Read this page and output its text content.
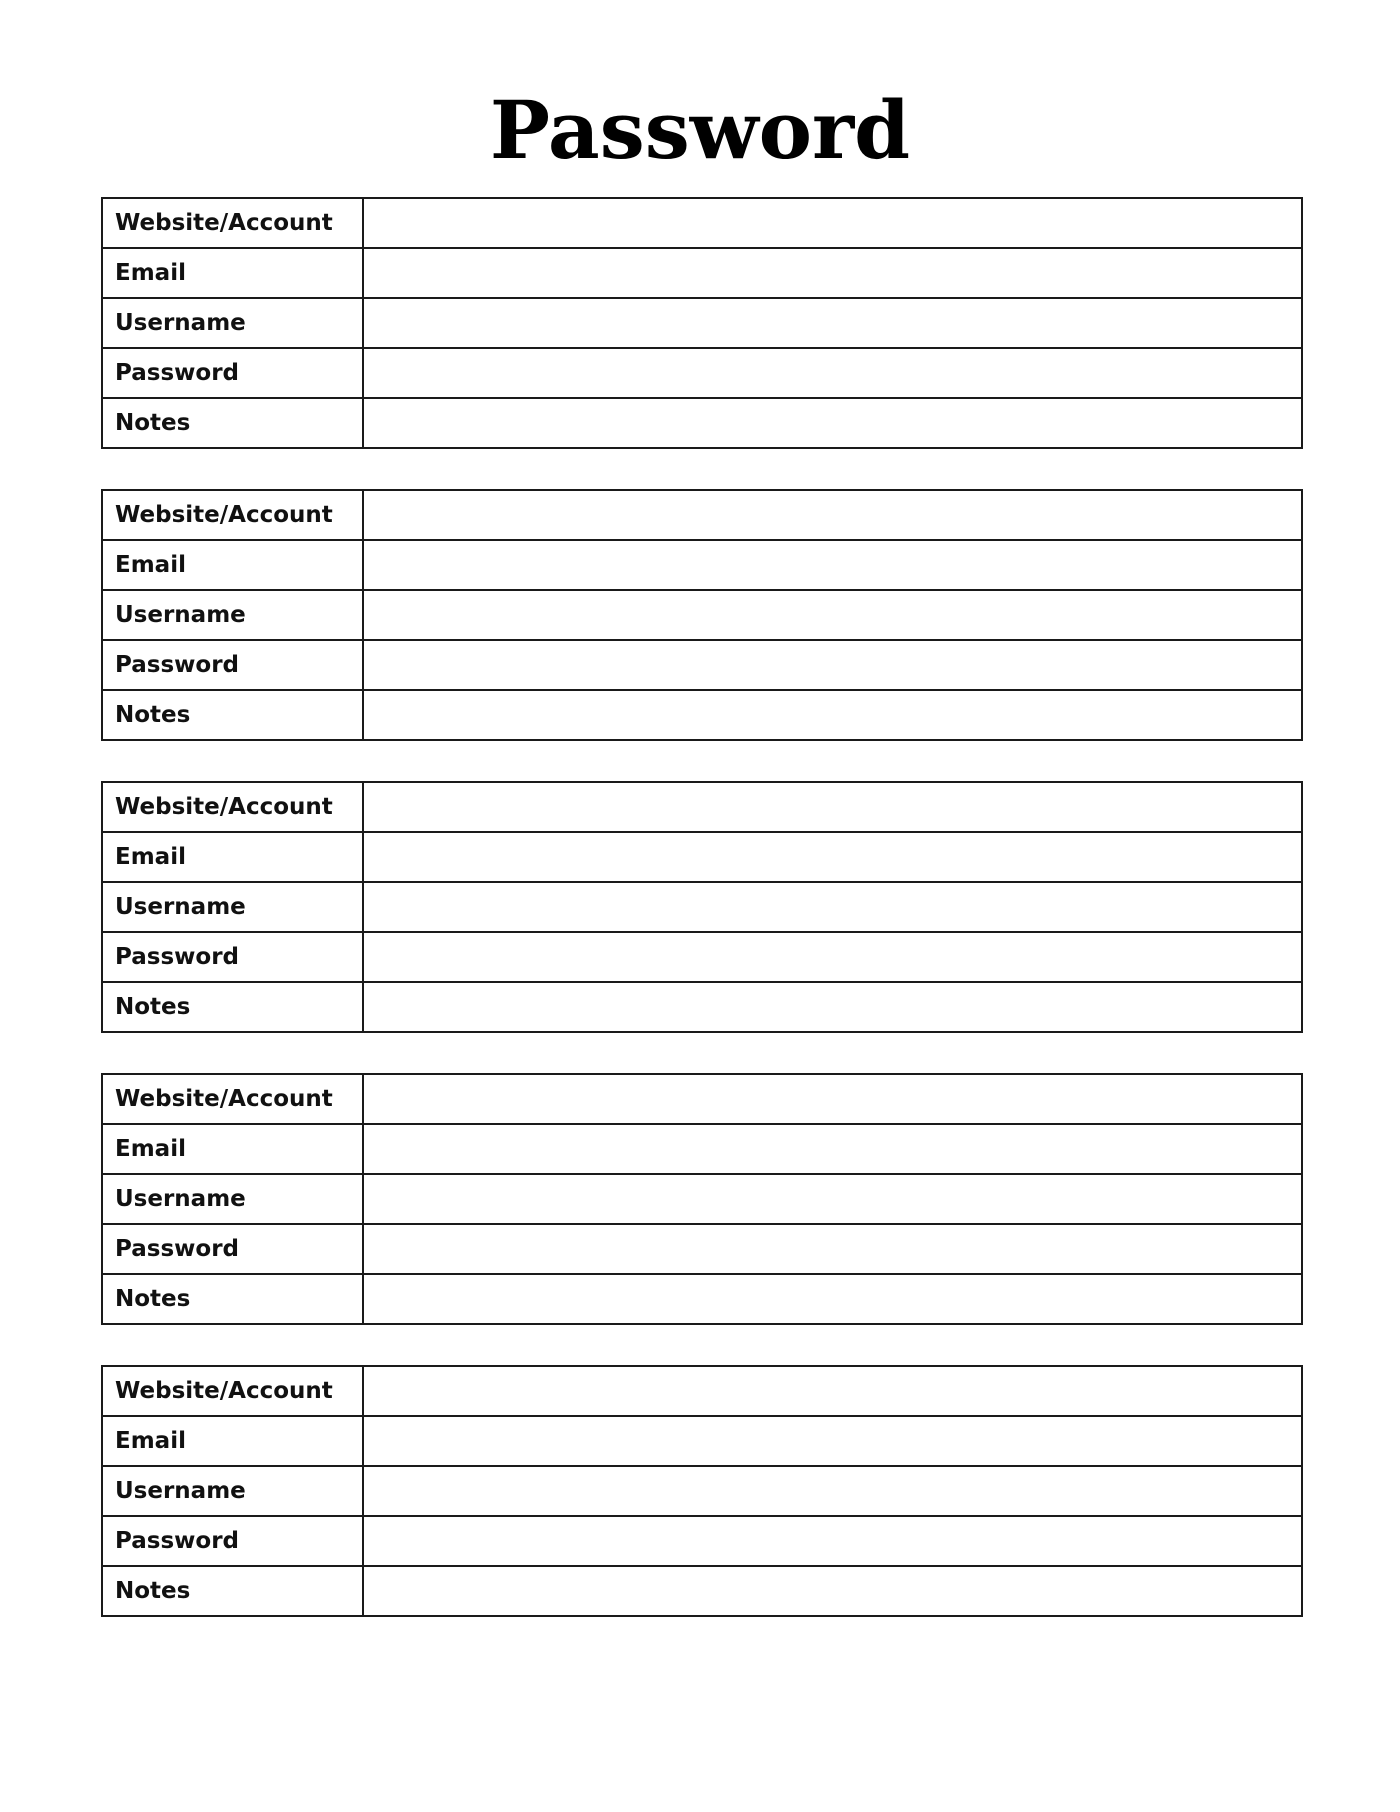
Password
Website/Account	
Email	
Username	
Password	
Notes	
Website/Account	
Email	
Username	
Password	
Notes	
Website/Account	
Email	
Username	
Password	
Notes	
Website/Account	
Email	
Username	
Password	
Notes	
Website/Account	
Email	
Username	
Password	
Notes	
